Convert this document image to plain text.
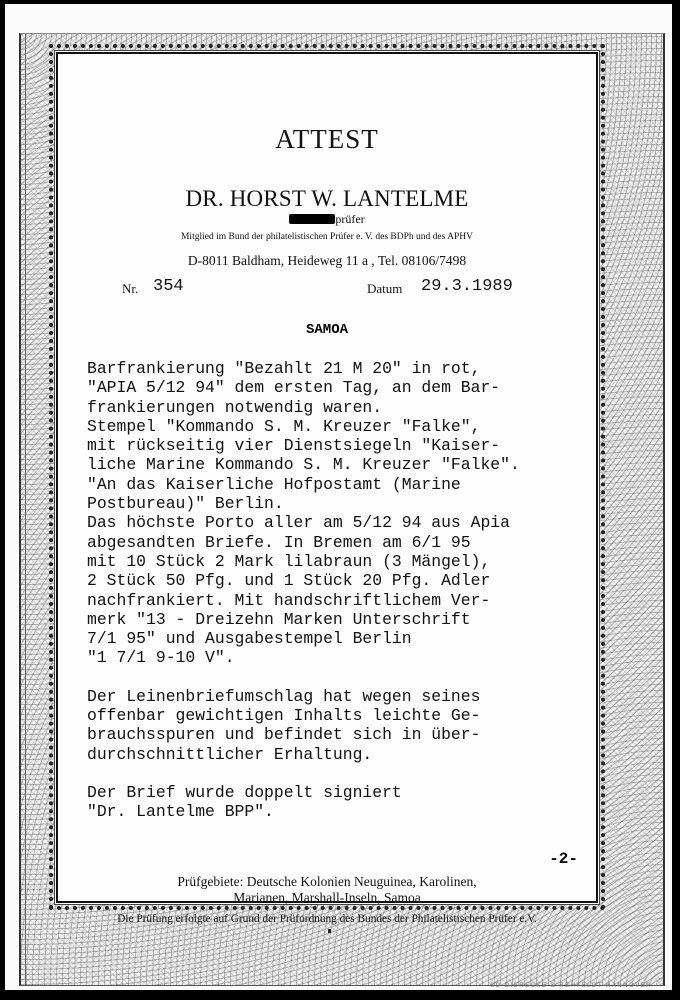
ATTEST
DR. HORST W. LANTELME
prüfer
Mitglied im Bund der philatelistischen Prüfer e. V. des BDPh und des APHV
D-8011 Baldham, Heideweg 11 a , Tel. 08106/7498
Nr. 354	Datum 29.3.1989
SAMOA
Barfrankierung "Bezahlt 21 M 20" in rot,
"APIA 5/12 94" dem ersten Tag, an dem Bar-
frankierungen notwendig waren.
Stempel "Kommando S. M. Kreuzer "Falke",
mit rückseitig vier Dienstsiegeln "Kaiser-
liche Marine Kommando S. M. Kreuzer "Falke".
"An das Kaiserliche Hofpostamt (Marine
Postbureau)" Berlin.
Das höchste Porto aller am 5/12 94 aus Apia
abgesandten Briefe. In Bremen am 6/1 95
mit 10 Stück 2 Mark lilabraun (3 Mängel),
2 Stück 50 Pfg. und 1 Stück 20 Pfg. Adler
nachfrankiert. Mit handschriftlichem Ver-
merk "13 - Dreizehn Marken Unterschrift
7/1 95" und Ausgabestempel Berlin
"1 7/1 9-10 V".
Der Leinenbriefumschlag hat wegen seines
offenbar gewichtigen Inhalts leichte Ge-
brauchsspuren und befindet sich in über-
durchschnittlicher Erhaltung.
Der Brief wurde doppelt signiert
"Dr. Lantelme BPP".
-2-
Prüfgebiete: Deutsche Kolonien Neuguinea, Karolinen,
Marianen, Marshall-Inseln, Samoa
Die Prüfung erfolgte auf Grund der Prüfordnung des Bundes der Philatelistischen Prüfer e.V.
SD DIERECKE & REHFELDT HANNOVER
